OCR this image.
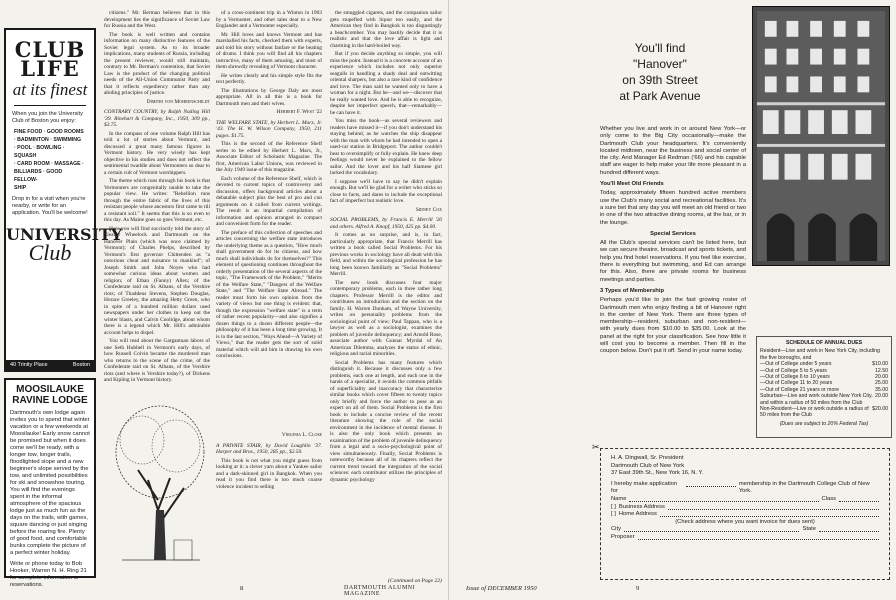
CLUB
LIFE
at its finest
When you join the University Club of Boston you enjoy:
FINE FOOD · GOOD ROOMS
· BADMINTON · SWIMMING
· POOL · BOWLING · SQUASH
· CARD ROOM · MASSAGE ·
BILLIARDS · GOOD FELLOW-
SHIP
Drop in for a visit when you're nearby, or write for an application. You'll be welcome!
UNIVERSITY
Club
40 Trinity Place	Boston
MOOSILAUKE RAVINE LODGE
Dartmouth's own lodge again invites you to spend that winter vacation or a few weekends at Moosilauke! Early snow cannot be promised but when it does come we'll be ready, with a longer tow, longer trails, floodlighted slope and a new beginner's slope served by the tow, and unlimited possibilities for ski and snowshoe touring. You will find the evenings spent in the informal atmosphere of the spacious lodge just as much fun as the days on the trails, with games, square dancing or just singing before the roaring fire. Plenty of good food, and comfortable bunks complete the picture of a perfect winter holiday.
Write or phone today to Bob Hooker, Warren N. H. Ring 21 for complete information or reservations.

citizens." Mr. Berman believes that in this development lies the significance of Soviet Law for Russia and the West.

The book is well written and contains information on many distinctive features of the Soviet legal system. As to its broader implications, many students of Russia, including the present reviewer, would still maintain, contrary to Mr. Berman's contention, that Soviet Law is the product of the changing political needs of the All-Union Communist Party and that it reflects expediency rather than any abiding principles of justice.

Dimitri von Mohrenschildt

CONTRARY COUNTRY, by Ralph Nading Hill '39. Rinehart & Company, Inc., 1950, 309 pp., $3.75.

In the compass of one volume Ralph Hill has told a lot of stories about Vermont, and discussed a great many famous figures in Vermont history. He very wisely has kept objective in his studies and does not reflect the sentimental twaddle about Vermonters so dear to a certain cult of Vermont worshippers.

The theme which runs through his book is that Vermonters are congenitally unable to take the popular view. He writes: "Rebellion runs through the entire fabric of the lives of this resistant people whose ancestors first came to till a resistant soil." It seems that this is so even to this day. As Maine goes so goes Vermont, etc.

Here you will find succinctly told the story of Eleazar Wheelock and Dartmouth on the Hanover Plain (which was once claimed by Vermont); of Charles Phelps, described by Vermont's first governor Chittenden as "a notorious cheat and nuisance to mankind"; of Joseph Smith and John Noyes who had somewhat curious ideas about women and religion; of Ethan (Fanny) Allen; of the Confederate raid on St. Albans, of the Vershire riots; of Thaddeus Stevens, Stephen Douglas, Horace Greeley, the amazing Hetty Green, who in spite of a hundred million dollars used newspapers under her clothes to keep out the winter blasts, and Calvin Coolidge, about whom there is a legend which Mr. Hill's admirable account helps to dispel.

You will read about the Gargantuan labors of one Seth Hubbell in Vermont's early days, of how Russell Colvin became the murdered man who returns to the scene of the crime, of the Confederate raid on St. Albans, of the Vershire riots (and where is Vershire today?), of Dickens and Kipling in Vermont history.

of a cross-continent trip in a Winton in 1903 by a Vermonter, and other tales dear to a New Englander and a Vermonter especially.

Mr. Hill loves and knows Vermont and has marshalled his facts, checked them with experts, and told his story without fanfare or the beating of drums. I think you will find all his chapters instructive, many of them amusing, and most of them shrewdly revealing of Vermont character.

He writes clearly and his simple style fits the text perfectly.

The illustrations by George Daly are most appropriate. All in all this is a book for Dartmouth men and their wives.

Herbert F. West '22

THE WELFARE STATE, by Herbert L. Marx, Jr. '43. The H. W. Wilson Company, 1950, 211 pages. $1.75.

This is the second of the Reference Shelf series to be edited by Herbert L. Marx, Jr., Associate Editor of Scholastic Magazine. The first, American Labor Unions, was reviewed in the July 1949 issue of this magazine.

Each volume of the Reference Shelf, which is devoted to current topics of controversy and discussion, offers background articles about a debatable subject plus the best of pro and con arguments on it culled from current writings. The result is an impartial compilation of information and opinion arranged in compact and convenient form for the reader.

The preface of this collection of speeches and articles concerning the welfare state introduces the underlying theme as a question, "How much shall government do for its citizens, and how much shall individuals do for themselves?" This element of questioning continues throughout the orderly presentation of the several aspects of the topic, "The Framework of the Problem," "Merits of the Welfare State," "Dangers of the Welfare State," and "The Welfare State Abroad." The reader must form his own opinion from the variety of views but one thing is evident: that, though the expression "welfare state" is a term of rather recent popularity—and also signifies a dozen things to a dozen different people—the philosophy of it has been a long time growing. It is in the last section, "Ways Ahead—A Variety of Views," that the reader gets the sort of solid material which will aid him in drawing his own conclusions.

Virginia L. Close

A PRIVATE STAIR, by David Loughlin '37. Harper and Bros., 1950, 285 pp., $2.50.

This book is not what you might guess from looking at it: a clever yarn about a Yankee sailor and a dark-skinned girl in Bangkok. When you read it you find there is too much coarse violence incident to selling

the smuggled cigarets, and the companion sailor gets stupefied with liquor too easily, and the American they find in Bangkok is too disgustingly a beachcomber. You may hastily decide that it is realistic and that the love affair is light and charming in the hard-boiled way.

But if you decide anything so simple, you will miss the point. Instead it is a concrete account of an experience which includes not only superior seagulls in handling a shady deal and outwitting oriental sharpers, but also a rare kind of confidence and love. The man said he wanted only to have a woman for a night. But he—and we—discover that he really wanted love. And he is able to recognize, despite her imperfect speech, that—remarkably—he can have it.

You miss the book—as several reviewers and readers have missed it—if you don't understand his staying behind, as he watches the ship disappear with the man with whom he had intended to open a used-car station in Bridgeport. The author couldn't bear to oversimplify or fully explain. He knew deep feelings would never be explained to the fellow sailor. And the lover and his half Siamese girl lacked the vocabulary.

I suppose we'll have to say he didn't explain enough. But we'll be glad for a writer who sticks so close to facts, and dares to include the exceptional fact of imperfect but realistic love.

Sidney Cox

SOCIAL PROBLEMS, by Francis E. Merrill '26 and others. Alfred A. Knopf, 1950, 425 pp. $4.00.

It comes as no surprise, and is, in fact, particularly appropriate, that Francis Merrill has written a book called Social Problems. For his previous works in sociology have all dealt with this field, and within the sociological profession he has long been known familiarly as "Social Problems" Merrill.

The new book discusses four major contemporary problems, each in three rather long chapters. Professor Merrill is the editor and contributes an introduction and the section on the family. H. Warren Dunham, of Wayne University, writes on personality problems from the sociological point of view; Paul Tappan, who is a lawyer as well as a sociologist, examines the problem of juvenile delinquency; and Arnold Rose, associate author with Gunnar Myrdal of An American Dilemma, analyzes the status of ethnic, religious and racial minorities.

Social Problems has many features which distinguish it. Because it discusses only a few problems, each one at length, and each one in the hands of a specialist, it avoids the common pitfalls of superficiality and inaccuracy that characterize similar books which cover fifteen to twenty topics only briefly and force the author to pose as an expert on all of them. Social Problems is the first book to include a concise review of the recent literature showing the role of the social environment in the incidence of mental disease. It is also the only book which presents an examination of the problem of juvenile delinquency from a legal and a socio-psychological point of view simultaneously. Finally, Social Problems is noteworthy because all of its chapters reflect the current trend toward the integration of the social sciences: each contributor utilizes the principles of dynamic psychology

(Continued on Page 22)
8	DARTMOUTH ALUMNI MAGAZINE
You'll find
"Hanover"
on 39th Street
at Park Avenue

Whether you live and work in or around New York—or only come to the Big City occasionally—make the Dartmouth Club your headquarters. It's conveniently located midtown, near the business and social center of the city. And Manager Ed Redman ('66) and his capable staff are eager to help make your life more pleasant in a hundred different ways.

You'll Meet Old Friends

Today, approximately fifteen hundred active members use the Club's many social and recreational facilities. It's a sure bet that any day you will meet an old friend or two in one of the two attractive dining rooms, at the bar, or in the lounge.

Special Services

All the Club's special services can't be listed here, but we can secure theatre, broadcast and sports tickets, and help you find hotel reservations. If you feel like exercise, there is everything but swimming, and Ed can arrange for this. Also, there are private rooms for business meetings and parties.

3 Types of Membership

Perhaps you'd like to join the fast growing roster of Dartmouth men who enjoy finding a bit of Hanover right in the center of New York. There are three types of membership—resident, suburban and non-resident—with yearly dues from $10.00 to $35.00. Look at the panel at the right for your classification. See how little it will cost you to become a member. Then fill in the coupon below. Don't put it off. Send in your name today.

SCHEDULE OF ANNUAL DUES
Resident—Live and work in New York City, including the five boroughs, and
—Out of College under 5 years	$10.00
—Out of College 5 to 5 years	12.50
—Out of College 6 to 10 years	20.00
—Out of College 11 to 20 years	25.00
—Out of College 21 years or more	35.00
Suburban—Live and work outside New York City, and within a radius of 50 miles from the Club
20.00
Non-Resident—Live or work outside a radius of 50 miles from the Club
$20.00
(Dues are subject to 20% Federal Tax)
✂
H. A. Dingwall, Sr. President
Dartmouth Club of New York
37 East 39th St., New York 16, N. Y.
I hereby make application for
membership in the Dartmouth College Club of New York.
Name	Class
[ ] Business Address
[ ] Home Address
(Check address where you want invoice for dues sent)
City	State
Proposer
Issue of DECEMBER 1950	9
